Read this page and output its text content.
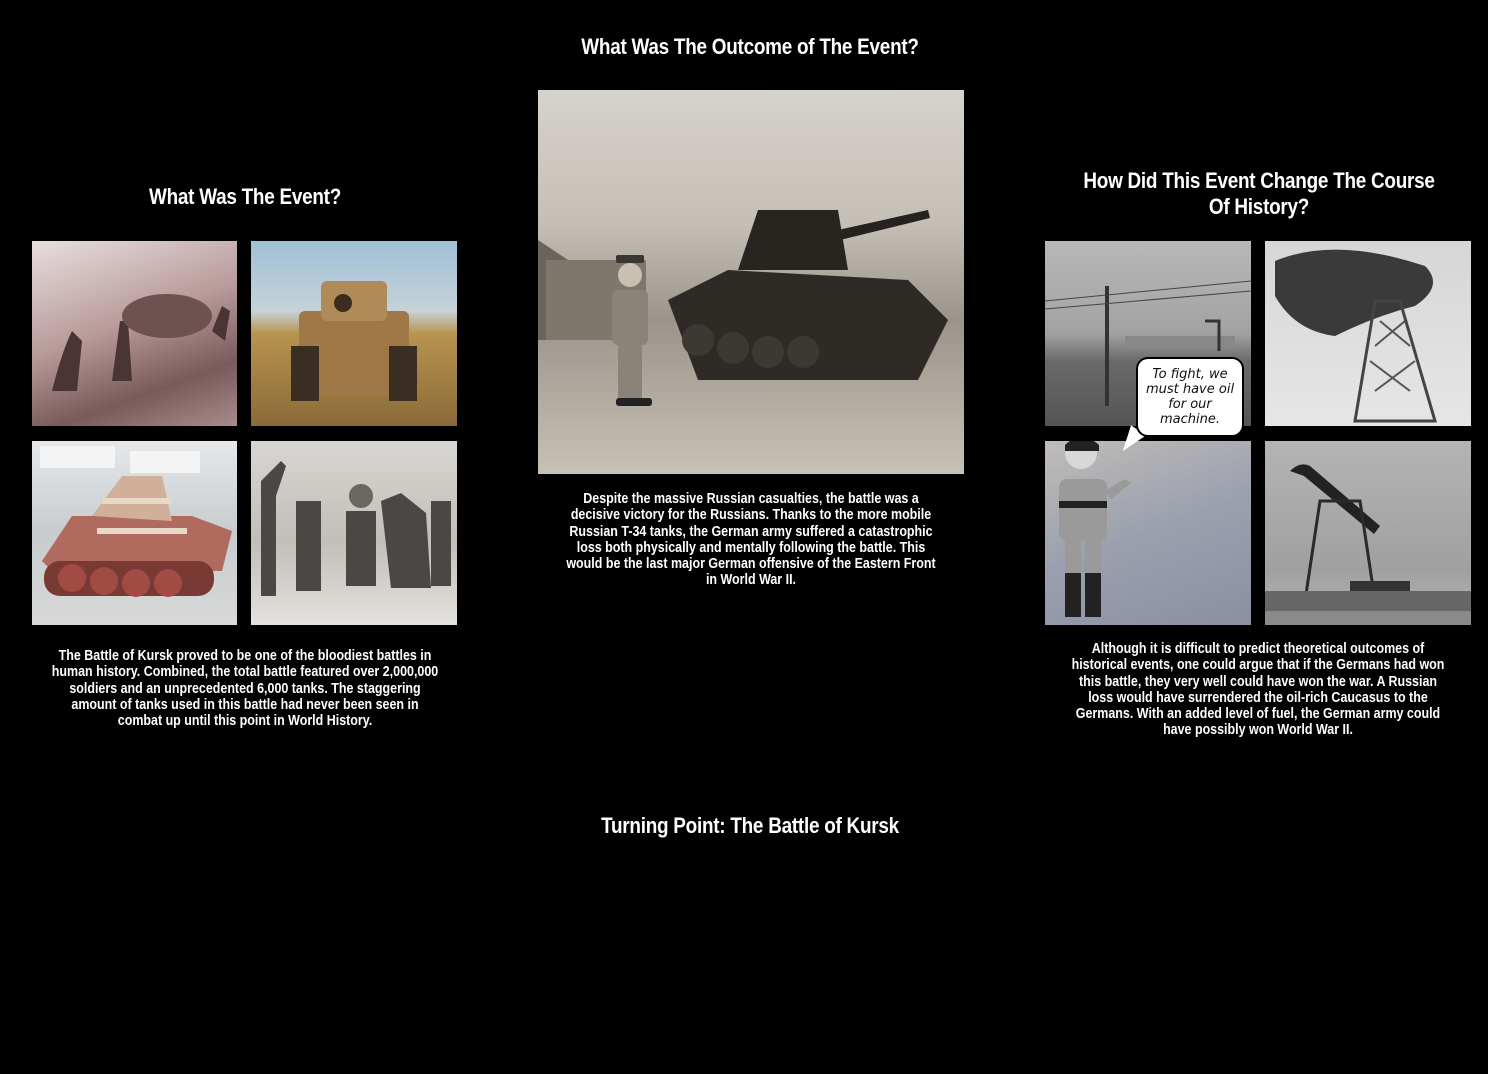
What Was The Event?
The Battle of Kursk proved to be one of the bloodiest battles in human history. Combined, the total battle featured over 2,000,000 soldiers and an unprecedented 6,000 tanks. The staggering amount of tanks used in this battle had never been seen in combat up until this point in World History.
What Was The Outcome of The Event?
Despite the massive Russian casualties, the battle was a decisive victory for the Russians. Thanks to the more mobile Russian T-34 tanks, the German army suffered a catastrophic loss both physically and mentally following the battle. This would be the last major German offensive of the Eastern Front in World War II.
How Did This Event Change The Course Of History?
To fight, we must have oil for our machine.
Although it is difficult to predict theoretical outcomes of historical events, one could argue that if the Germans had won this battle, they very well could have won the war. A Russian loss would have surrendered the oil-rich Caucasus to the Germans. With an added level of fuel, the German army could have possibly won World War II.
Turning Point: The Battle of Kursk
